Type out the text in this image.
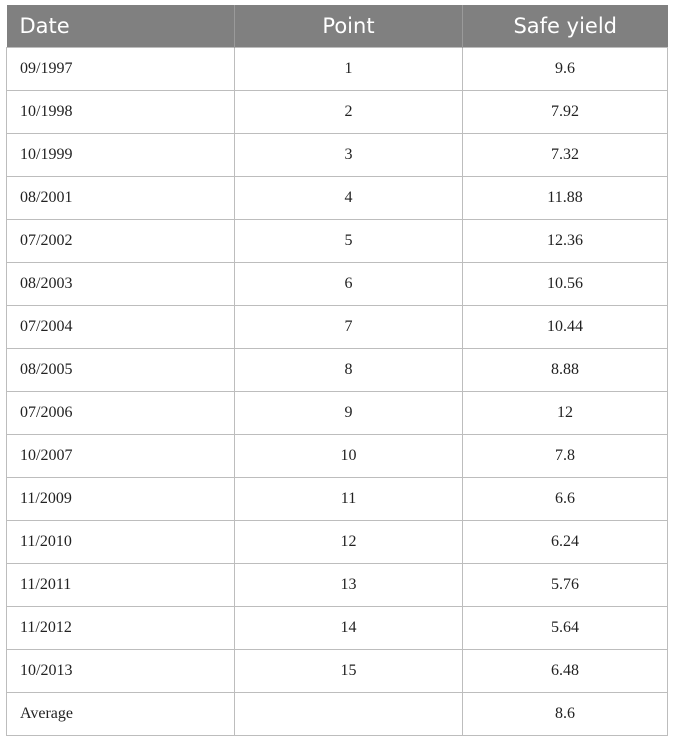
Date	Point	Safe yield
09/1997	1	9.6
10/1998	2	7.92
10/1999	3	7.32
08/2001	4	11.88
07/2002	5	12.36
08/2003	6	10.56
07/2004	7	10.44
08/2005	8	8.88
07/2006	9	12
10/2007	10	7.8
11/2009	11	6.6
11/2010	12	6.24
11/2011	13	5.76
11/2012	14	5.64
10/2013	15	6.48
Average		8.6
